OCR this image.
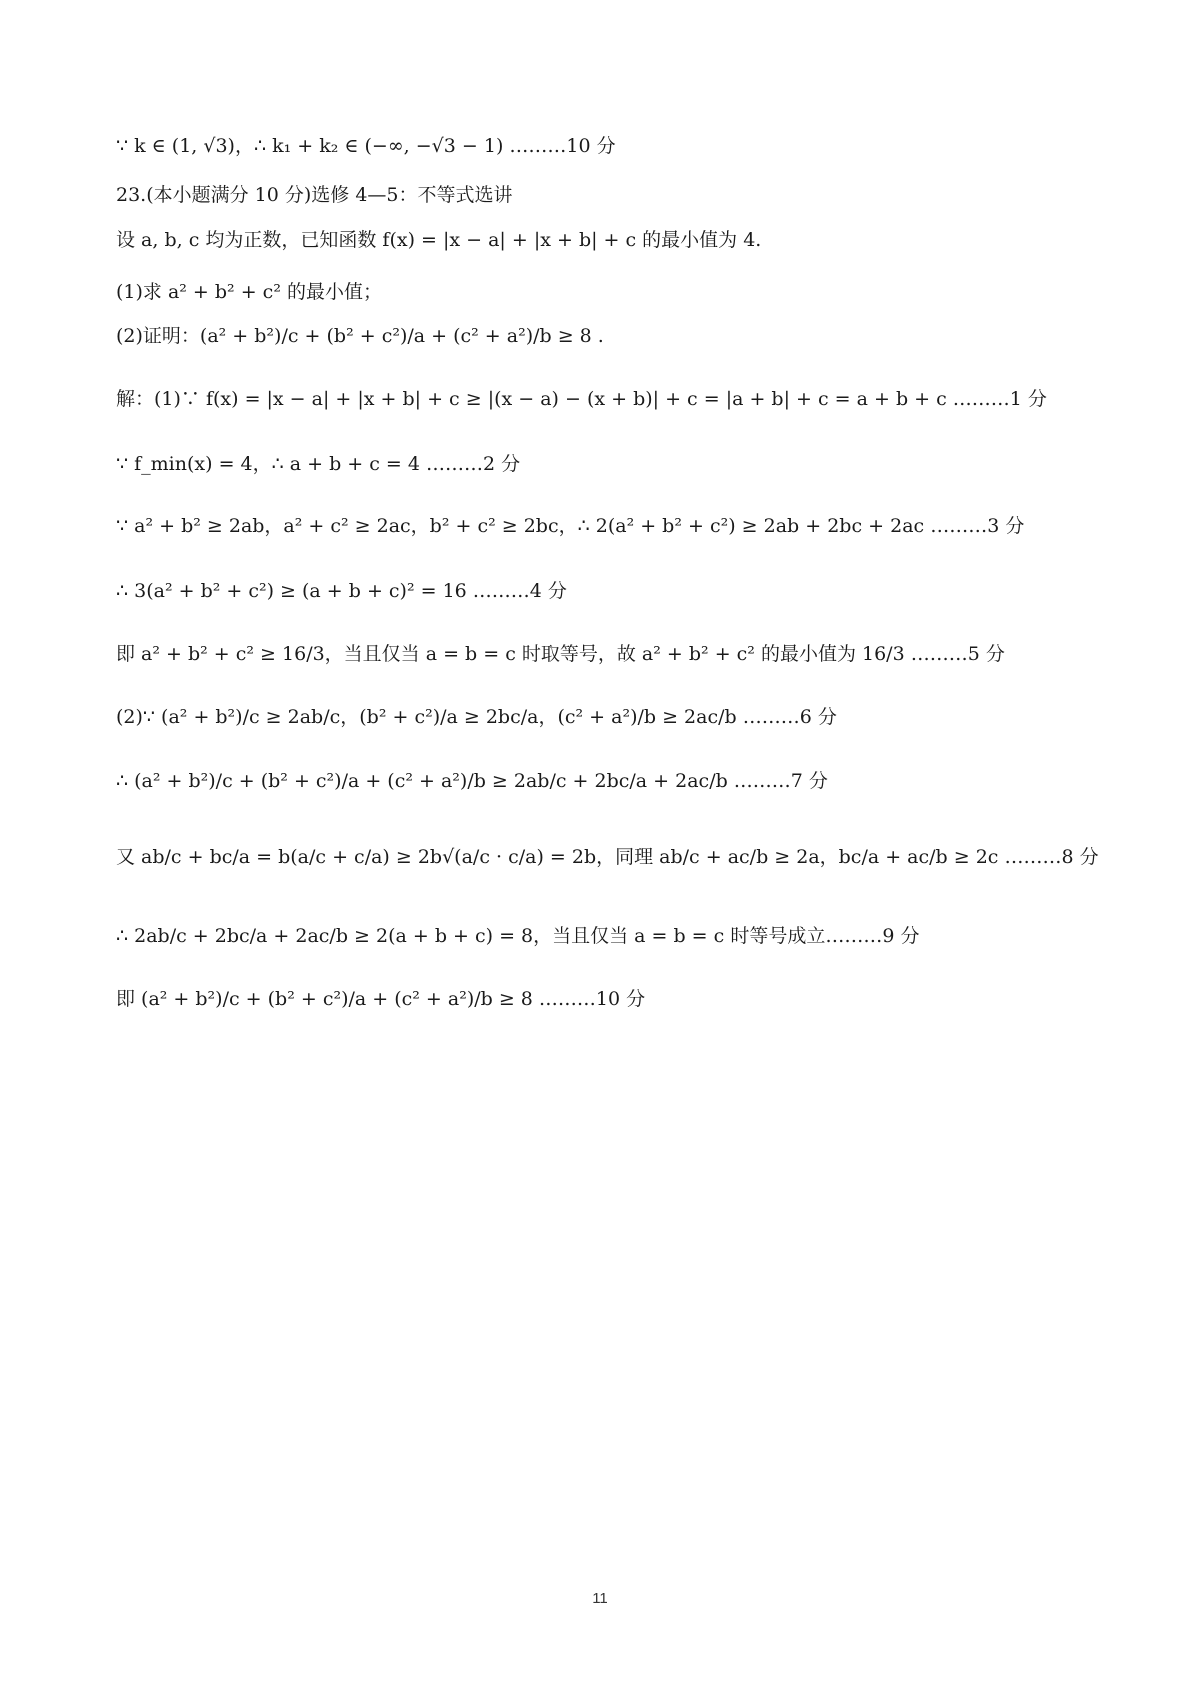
∵ k ∈ (1, √3)，∴ k₁ + k₂ ∈ (−∞, −√3 − 1) ………10 分
23.(本小题满分 10 分)选修 4—5：不等式选讲
设 a, b, c 均为正数，已知函数 f(x) = |x − a| + |x + b| + c 的最小值为 4.
(1)求 a² + b² + c² 的最小值；
(2)证明：(a² + b²)/c + (b² + c²)/a + (c² + a²)/b ≥ 8 .
解：(1)∵ f(x) = |x − a| + |x + b| + c ≥ |(x − a) − (x + b)| + c = |a + b| + c = a + b + c ………1 分
∵ f_min(x) = 4，∴ a + b + c = 4 ………2 分
∵ a² + b² ≥ 2ab，a² + c² ≥ 2ac，b² + c² ≥ 2bc，∴ 2(a² + b² + c²) ≥ 2ab + 2bc + 2ac ………3 分
∴ 3(a² + b² + c²) ≥ (a + b + c)² = 16 ………4 分
即 a² + b² + c² ≥ 16/3，当且仅当 a = b = c 时取等号，故 a² + b² + c² 的最小值为 16/3 ………5 分
(2)∵ (a² + b²)/c ≥ 2ab/c，(b² + c²)/a ≥ 2bc/a，(c² + a²)/b ≥ 2ac/b ………6 分
∴ (a² + b²)/c + (b² + c²)/a + (c² + a²)/b ≥ 2ab/c + 2bc/a + 2ac/b ………7 分
又 ab/c + bc/a = b(a/c + c/a) ≥ 2b√(a/c · c/a) = 2b，同理 ab/c + ac/b ≥ 2a，bc/a + ac/b ≥ 2c ………8 分
∴ 2ab/c + 2bc/a + 2ac/b ≥ 2(a + b + c) = 8，当且仅当 a = b = c 时等号成立………9 分
即 (a² + b²)/c + (b² + c²)/a + (c² + a²)/b ≥ 8 ………10 分
11
